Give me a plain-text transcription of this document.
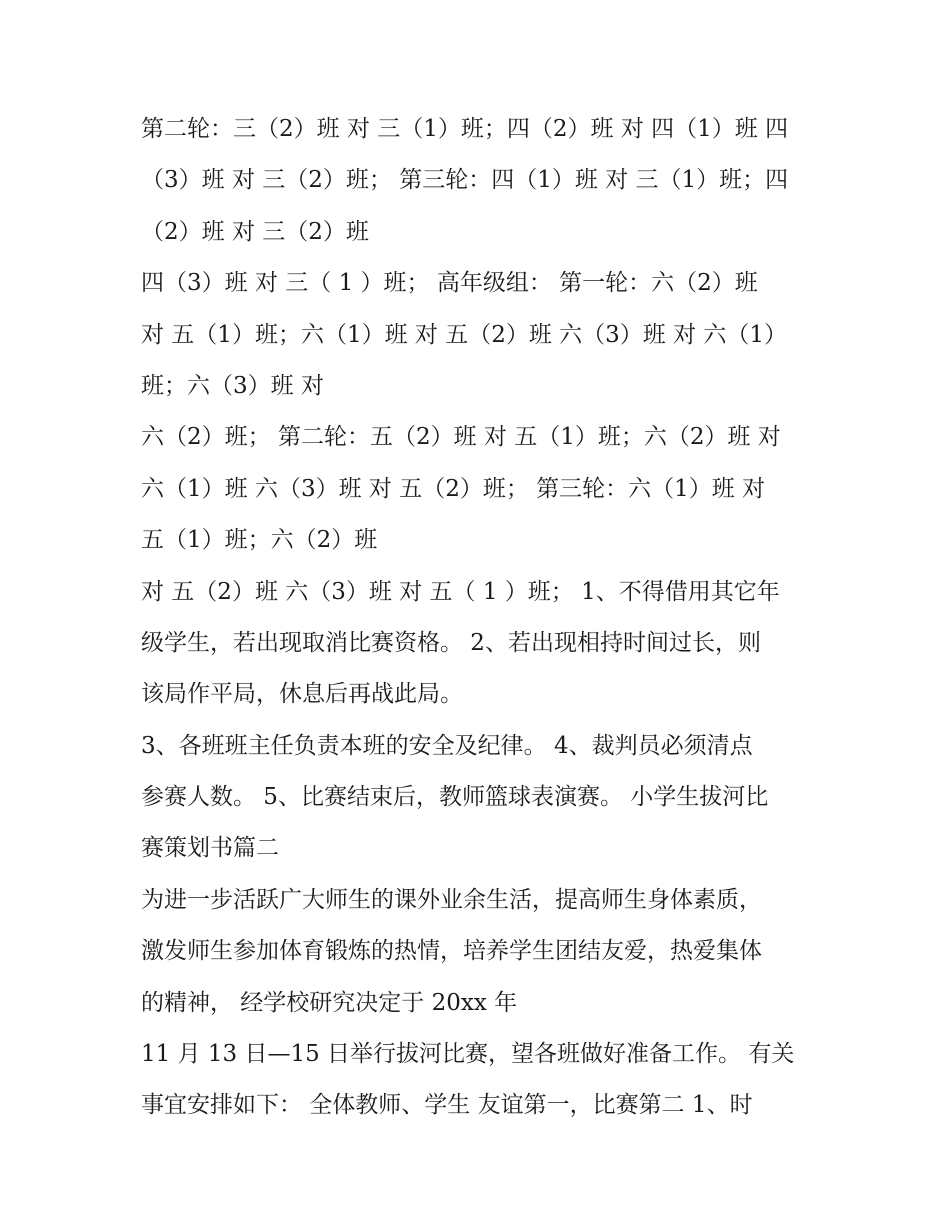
第二轮：三（2）班 对 三（1）班；四（2）班 对 四（1）班 四
（3）班 对 三（2）班； 第三轮：四（1）班 对 三（1）班；四
（2）班 对 三（2）班
四（3）班 对 三（ 1 ）班； 高年级组： 第一轮：六（2）班
对 五（1）班；六（1）班 对 五（2）班 六（3）班 对 六（1）
班；六（3）班 对
六（2）班； 第二轮：五（2）班 对 五（1）班；六（2）班 对
六（1）班 六（3）班 对 五（2）班； 第三轮：六（1）班 对
五（1）班；六（2）班
对 五（2）班 六（3）班 对 五（ 1 ）班； 1、不得借用其它年
级学生，若出现取消比赛资格。 2、若出现相持时间过长，则
该局作平局，休息后再战此局。
3、各班班主任负责本班的安全及纪律。 4、裁判员必须清点
参赛人数。 5、比赛结束后，教师篮球表演赛。 小学生拔河比
赛策划书篇二
为进一步活跃广大师生的课外业余生活，提高师生身体素质，
激发师生参加体育锻炼的热情，培养学生团结友爱，热爱集体
的精神， 经学校研究决定于 20xx 年
11 月 13 日—15 日举行拔河比赛，望各班做好准备工作。 有关
事宜安排如下： 全体教师、学生 友谊第一，比赛第二 1、时
